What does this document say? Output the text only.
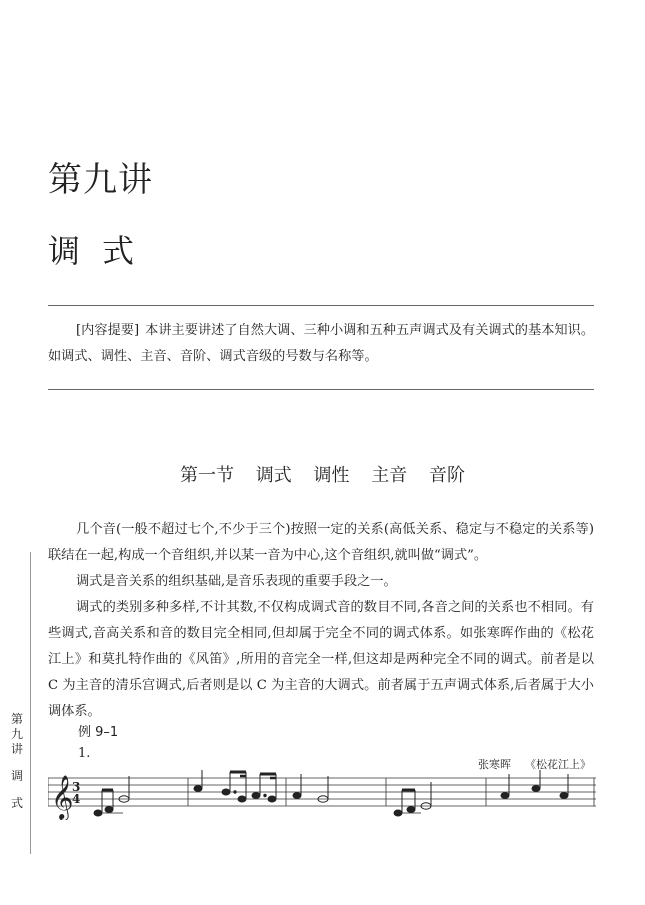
第九讲
调式
[内容提要] 本讲主要讲述了自然大调、三种小调和五种五声调式及有关调式的基本知识。如调式、调性、主音、音阶、调式音级的号数与名称等。
第一节 调式 调性 主音 音阶

几个音(一般不超过七个,不少于三个)按照一定的关系(高低关系、稳定与不稳定的关系等)联结在一起,构成一个音组织,并以某一音为中心,这个音组织,就叫做“调式”。

调式是音关系的组织基础,是音乐表现的重要手段之一。

调式的类别多种多样,不计其数,不仅构成调式音的数目不同,各音之间的关系也不相同。有些调式,音高关系和音的数目完全相同,但却属于完全不同的调式体系。如张寒晖作曲的《松花江上》和莫扎特作曲的《风笛》,所用的音完全一样,但这却是两种完全不同的调式。前者是以 C 为主音的清乐宫调式,后者则是以 C 为主音的大调式。前者属于五声调式体系,后者属于大小调体系。

第
九
讲
调
式
例 9–1
1.
张寒晖 《松花江上》
𝄞
3
4
